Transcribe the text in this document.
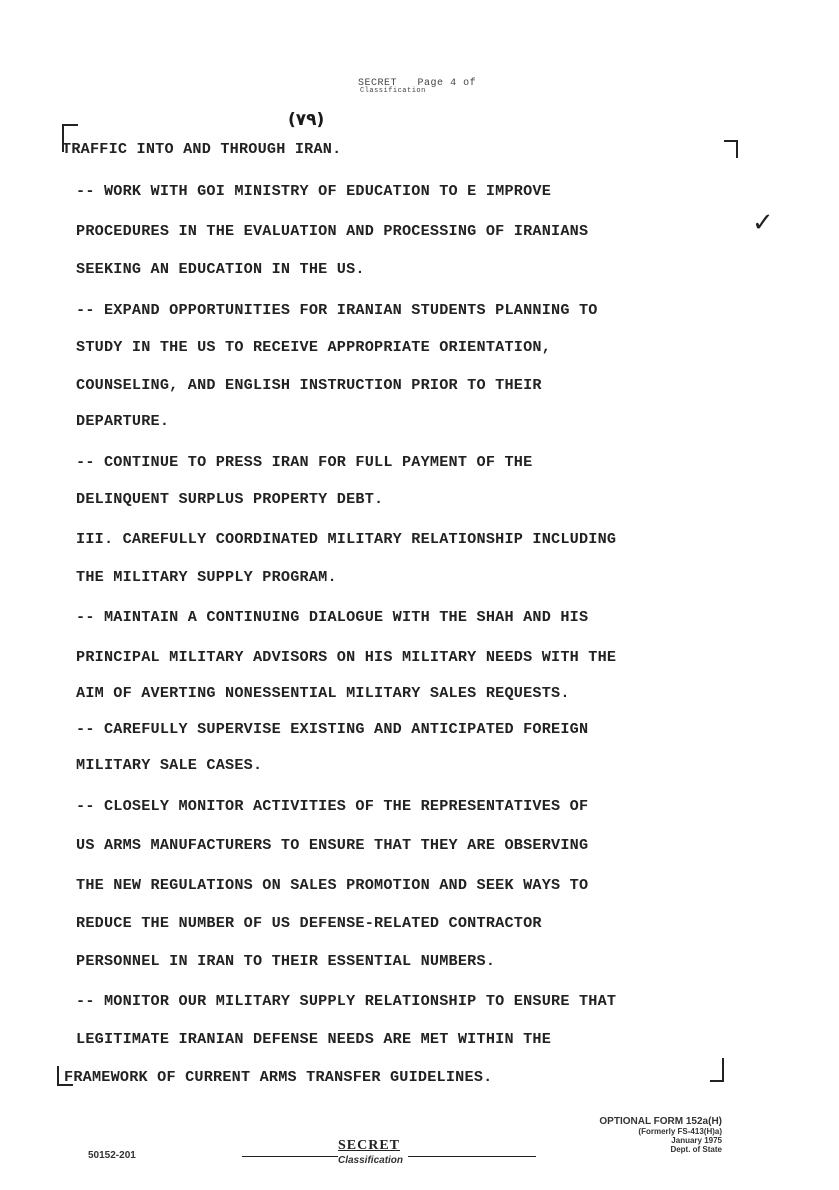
SECRET Page 4 of
Classification
(٧٩)
✓
TRAFFIC INTO AND THROUGH IRAN.
-- WORK WITH GOI MINISTRY OF EDUCATION TO E IMPROVE
PROCEDURES IN THE EVALUATION AND PROCESSING OF IRANIANS
SEEKING AN EDUCATION IN THE US.
-- EXPAND OPPORTUNITIES FOR IRANIAN STUDENTS PLANNING TO
STUDY IN THE US TO RECEIVE APPROPRIATE ORIENTATION,
COUNSELING, AND ENGLISH INSTRUCTION PRIOR TO THEIR
DEPARTURE.
-- CONTINUE TO PRESS IRAN FOR FULL PAYMENT OF THE
DELINQUENT SURPLUS PROPERTY DEBT.
III. CAREFULLY COORDINATED MILITARY RELATIONSHIP INCLUDING
THE MILITARY SUPPLY PROGRAM.
-- MAINTAIN A CONTINUING DIALOGUE WITH THE SHAH AND HIS
PRINCIPAL MILITARY ADVISORS ON HIS MILITARY NEEDS WITH THE
AIM OF AVERTING NONESSENTIAL MILITARY SALES REQUESTS.
-- CAREFULLY SUPERVISE EXISTING AND ANTICIPATED FOREIGN
MILITARY SALE CASES.
-- CLOSELY MONITOR ACTIVITIES OF THE REPRESENTATIVES OF
US ARMS MANUFACTURERS TO ENSURE THAT THEY ARE OBSERVING
THE NEW REGULATIONS ON SALES PROMOTION AND SEEK WAYS TO
REDUCE THE NUMBER OF US DEFENSE-RELATED CONTRACTOR
PERSONNEL IN IRAN TO THEIR ESSENTIAL NUMBERS.
-- MONITOR OUR MILITARY SUPPLY RELATIONSHIP TO ENSURE THAT
LEGITIMATE IRANIAN DEFENSE NEEDS ARE MET WITHIN THE
FRAMEWORK OF CURRENT ARMS TRANSFER GUIDELINES.
OPTIONAL FORM 152a(H)
(Formerly FS-413(H)a)
January 1975
Dept. of State
50152-201
SECRET
Classification
